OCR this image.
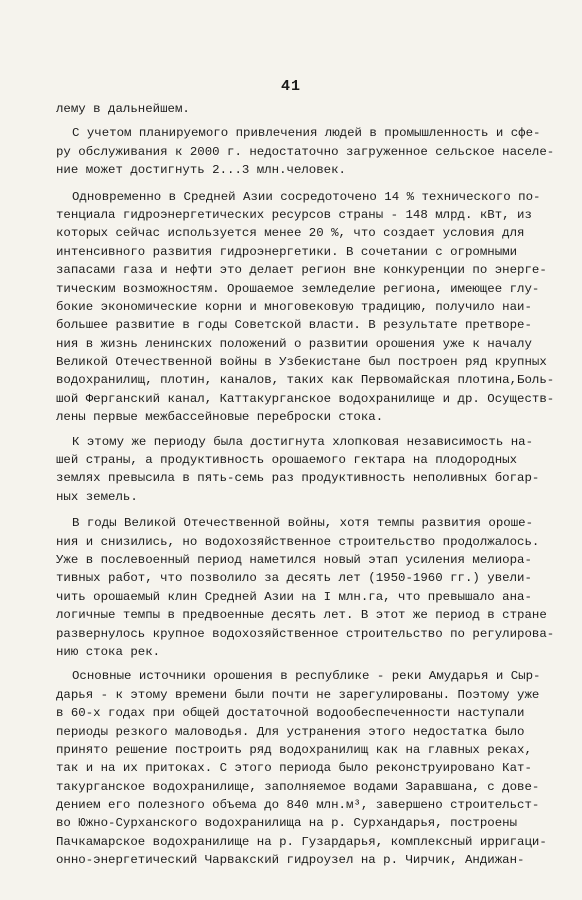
41
лему в дальнейшем.
С учетом планируемого привлечения людей в промышленность и сфе-
ру обслуживания к 2000 г. недостаточно загруженное сельское населе-
ние может достигнуть 2...3 млн.человек.
Одновременно в Средней Азии сосредоточено 14 % технического по-
тенциала гидроэнергетических ресурсов страны - 148 млрд. кВт, из
которых сейчас используется менее 20 %, что создает условия для
интенсивного развития гидроэнергетики. В сочетании с огромными
запасами газа и нефти это делает регион вне конкуренции по энерге-
тическим возможностям. Орошаемое земледелие региона, имеющее глу-
бокие экономические корни и многовековую традицию, получило наи-
большее развитие в годы Советской власти. В результате претворе-
ния в жизнь ленинских положений о развитии орошения уже к началу
Великой Отечественной войны в Узбекистане был построен ряд крупных
водохранилищ, плотин, каналов, таких как Первомайская плотина,Боль-
шой Ферганский канал, Каттакурганское водохранилище и др. Осуществ-
лены первые межбассейновые переброски стока.
К этому же периоду была достигнута хлопковая независимость на-
шей страны, а продуктивность орошаемого гектара на плодородных
землях превысила в пять-семь раз продуктивность неполивных богар-
ных земель.
В годы Великой Отечественной войны, хотя темпы развития ороше-
ния и снизились, но водохозяйственное строительство продолжалось.
Уже в послевоенный период наметился новый этап усиления мелиора-
тивных работ, что позволило за десять лет (1950-1960 гг.) увели-
чить орошаемый клин Средней Азии на I млн.га, что превышало ана-
логичные темпы в предвоенные десять лет. В этот же период в стране
развернулось крупное водохозяйственное строительство по регулирова-
нию стока рек.
Основные источники орошения в республике - реки Амударья и Сыр-
дарья - к этому времени были почти не зарегулированы. Поэтому уже
в 60-х годах при общей достаточной водообеспеченности наступали
периоды резкого маловодья. Для устранения этого недостатка было
принято решение построить ряд водохранилищ как на главных реках,
так и на их притоках. С этого периода было реконструировано Кат-
такурганское водохранилище, заполняемое водами Заравшана, с дове-
дением его полезного объема до 840 млн.м³, завершено строительст-
во Южно-Сурханского водохранилища на р. Сурхандарья, построены
Пачкамарское водохранилище на р. Гузардарья, комплексный ирригаци-
онно-энергетический Чарвакский гидроузел на р. Чирчик, Андижан-
